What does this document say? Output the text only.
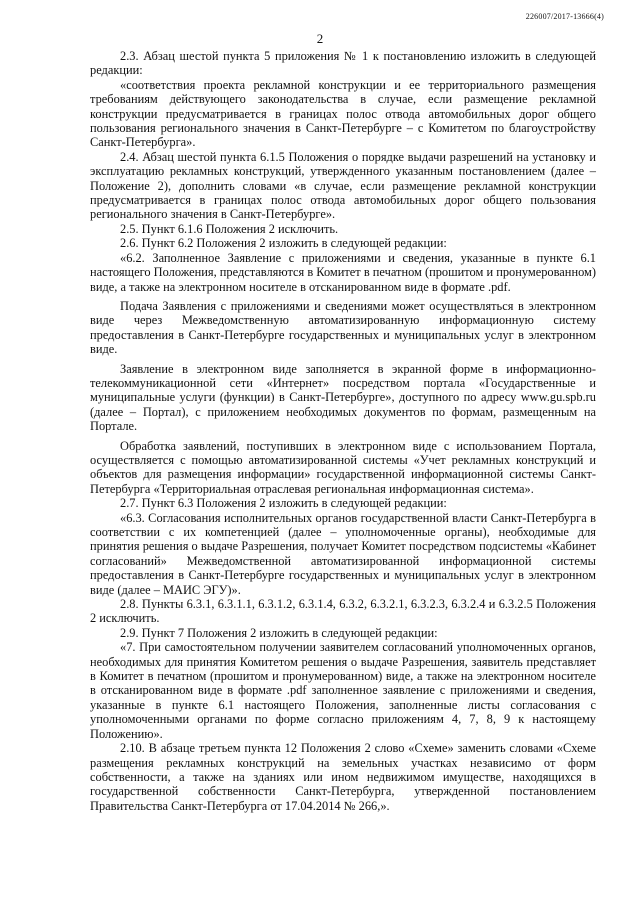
226007/2017-13666(4)
2

2.3. Абзац шестой пункта 5 приложения № 1 к постановлению изложить в следующей редакции:

«соответствия проекта рекламной конструкции и ее территориального размещения требованиям действующего законодательства в случае, если размещение рекламной конструкции предусматривается в границах полос отвода автомобильных дорог общего пользования регионального значения в Санкт-Петербурге – с Комитетом по благоустройству Санкт-Петербурга».

2.4. Абзац шестой пункта 6.1.5 Положения о порядке выдачи разрешений на установку и эксплуатацию рекламных конструкций, утвержденного указанным постановлением (далее – Положение 2), дополнить словами «в случае, если размещение рекламной конструкции предусматривается в границах полос отвода автомобильных дорог общего пользования регионального значения в Санкт-Петербурге».

2.5. Пункт 6.1.6 Положения 2 исключить.

2.6. Пункт 6.2 Положения 2 изложить в следующей редакции:

«6.2. Заполненное Заявление с приложениями и сведения, указанные в пункте 6.1 настоящего Положения, представляются в Комитет в печатном (прошитом и пронумерованном) виде, а также на электронном носителе в отсканированном виде в формате .pdf.

Подача Заявления с приложениями и сведениями может осуществляться в электронном виде через Межведомственную автоматизированную информационную систему предоставления в Санкт-Петербурге государственных и муниципальных услуг в электронном виде.

Заявление в электронном виде заполняется в экранной форме в информационно-телекоммуникационной сети «Интернет» посредством портала «Государственные и муниципальные услуги (функции) в Санкт-Петербурге», доступного по адресу www.gu.spb.ru (далее – Портал), с приложением необходимых документов по формам, размещенным на Портале.

Обработка заявлений, поступивших в электронном виде с использованием Портала, осуществляется с помощью автоматизированной системы «Учет рекламных конструкций и объектов для размещения информации» государственной информационной системы Санкт-Петербурга «Территориальная отраслевая региональная информационная система».

2.7. Пункт 6.3 Положения 2 изложить в следующей редакции:

«6.3. Согласования исполнительных органов государственной власти Санкт-Петербурга в соответствии с их компетенцией (далее – уполномоченные органы), необходимые для принятия решения о выдаче Разрешения, получает Комитет посредством подсистемы «Кабинет согласований» Межведомственной автоматизированной информационной системы предоставления в Санкт-Петербурге государственных и муниципальных услуг в электронном виде (далее – МАИС ЭГУ)».

2.8. Пункты 6.3.1, 6.3.1.1, 6.3.1.2, 6.3.1.4, 6.3.2, 6.3.2.1, 6.3.2.3, 6.3.2.4 и 6.3.2.5 Положения 2 исключить.

2.9. Пункт 7 Положения 2 изложить в следующей редакции:

«7. При самостоятельном получении заявителем согласований уполномоченных органов, необходимых для принятия Комитетом решения о выдаче Разрешения, заявитель представляет в Комитет в печатном (прошитом и пронумерованном) виде, а также на электронном носителе в отсканированном виде в формате .pdf заполненное заявление с приложениями и сведения, указанные в пункте 6.1 настоящего Положения, заполненные листы согласования с уполномоченными органами по форме согласно приложениям 4, 7, 8, 9 к настоящему Положению».

2.10. В абзаце третьем пункта 12 Положения 2 слово «Схеме» заменить словами «Схеме размещения рекламных конструкций на земельных участках независимо от форм собственности, а также на зданиях или ином недвижимом имуществе, находящихся в государственной собственности Санкт-Петербурга, утвержденной постановлением Правительства Санкт-Петербурга от 17.04.2014 № 266,».
